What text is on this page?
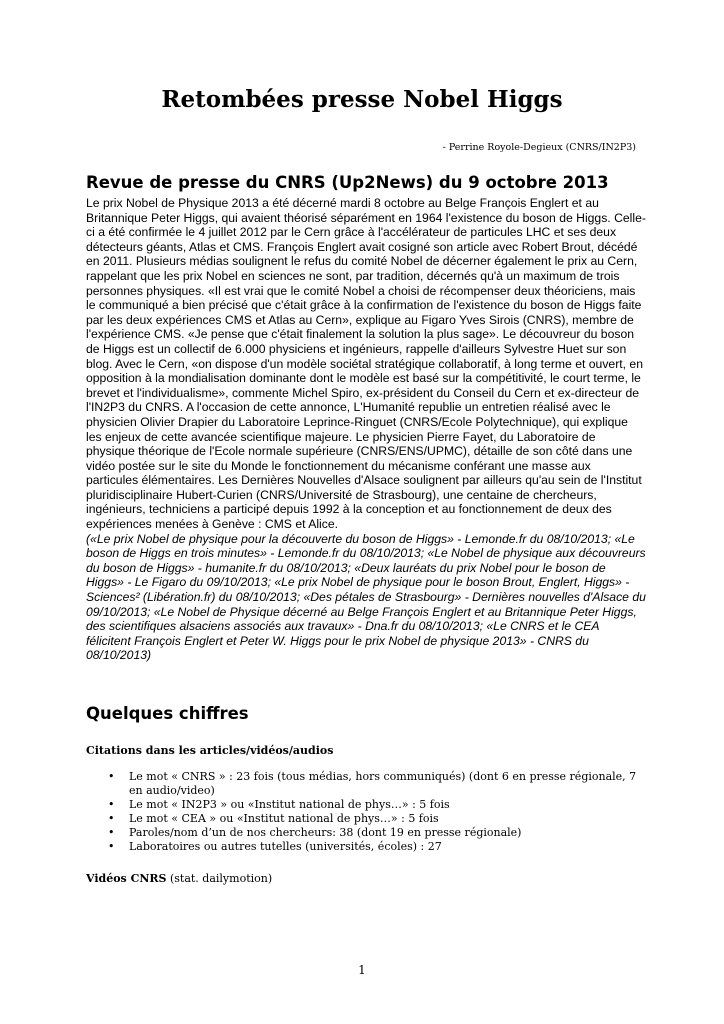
Retombées presse Nobel Higgs
- Perrine Royole-Degieux (CNRS/IN2P3)
Revue de presse du CNRS (Up2News) du 9 octobre 2013

Le prix Nobel de Physique 2013 a été décerné mardi 8 octobre au Belge François Englert et au Britannique Peter Higgs, qui avaient théorisé séparément en 1964 l'existence du boson de Higgs. Celle-ci a été confirmée le 4 juillet 2012 par le Cern grâce à l'accélérateur de particules LHC et ses deux détecteurs géants, Atlas et CMS. François Englert avait cosigné son article avec Robert Brout, décédé en 2011. Plusieurs médias soulignent le refus du comité Nobel de décerner également le prix au Cern, rappelant que les prix Nobel en sciences ne sont, par tradition, décernés qu'à un maximum de trois personnes physiques. «Il est vrai que le comité Nobel a choisi de récompenser deux théoriciens, mais le communiqué a bien précisé que c'était grâce à la confirmation de l'existence du boson de Higgs faite par les deux expériences CMS et Atlas au Cern», explique au Figaro Yves Sirois (CNRS), membre de l'expérience CMS. «Je pense que c'était finalement la solution la plus sage». Le découvreur du boson de Higgs est un collectif de 6.000 physiciens et ingénieurs, rappelle d'ailleurs Sylvestre Huet sur son blog. Avec le Cern, «on dispose d'un modèle sociétal stratégique collaboratif, à long terme et ouvert, en opposition à la mondialisation dominante dont le modèle est basé sur la compétitivité, le court terme, le brevet et l'individualisme», commente Michel Spiro, ex-président du Conseil du Cern et ex-directeur de l'IN2P3 du CNRS. A l'occasion de cette annonce, L'Humanité republie un entretien réalisé avec le physicien Olivier Drapier du Laboratoire Leprince-Ringuet (CNRS/Ecole Polytechnique), qui explique les enjeux de cette avancée scientifique majeure. Le physicien Pierre Fayet, du Laboratoire de physique théorique de l'Ecole normale supérieure (CNRS/ENS/UPMC), détaille de son côté dans une vidéo postée sur le site du Monde le fonctionnement du mécanisme conférant une masse aux particules élémentaires. Les Dernières Nouvelles d'Alsace soulignent par ailleurs qu'au sein de l'Institut pluridisciplinaire Hubert-Curien (CNRS/Université de Strasbourg), une centaine de chercheurs, ingénieurs, techniciens a participé depuis 1992 à la conception et au fonctionnement de deux des expériences menées à Genève : CMS et Alice.

(«Le prix Nobel de physique pour la découverte du boson de Higgs» - Lemonde.fr du 08/10/2013; «Le boson de Higgs en trois minutes» - Lemonde.fr du 08/10/2013; «Le Nobel de physique aux découvreurs du boson de Higgs» - humanite.fr du 08/10/2013; «Deux lauréats du prix Nobel pour le boson de Higgs» - Le Figaro du 09/10/2013; «Le prix Nobel de physique pour le boson Brout, Englert, Higgs» - Sciences² (Libération.fr) du 08/10/2013; «Des pétales de Strasbourg» - Dernières nouvelles d'Alsace du 09/10/2013; «Le Nobel de Physique décerné au Belge François Englert et au Britannique Peter Higgs, des scientifiques alsaciens associés aux travaux» - Dna.fr du 08/10/2013; «Le CNRS et le CEA félicitent François Englert et Peter W. Higgs pour le prix Nobel de physique 2013» - CNRS du 08/10/2013)

Quelques chiffres
Citations dans les articles/vidéos/audios
• Le mot « CNRS » : 23 fois (tous médias, hors communiqués) (dont 6 en presse régionale, 7 en audio/video)
• Le mot « IN2P3 » ou «Institut national de phys…» : 5 fois
• Le mot « CEA » ou «Institut national de phys…» : 5 fois
• Paroles/nom d’un de nos chercheurs: 38 (dont 19 en presse régionale)
• Laboratoires ou autres tutelles (universités, écoles) : 27
Vidéos CNRS (stat. dailymotion)
1
